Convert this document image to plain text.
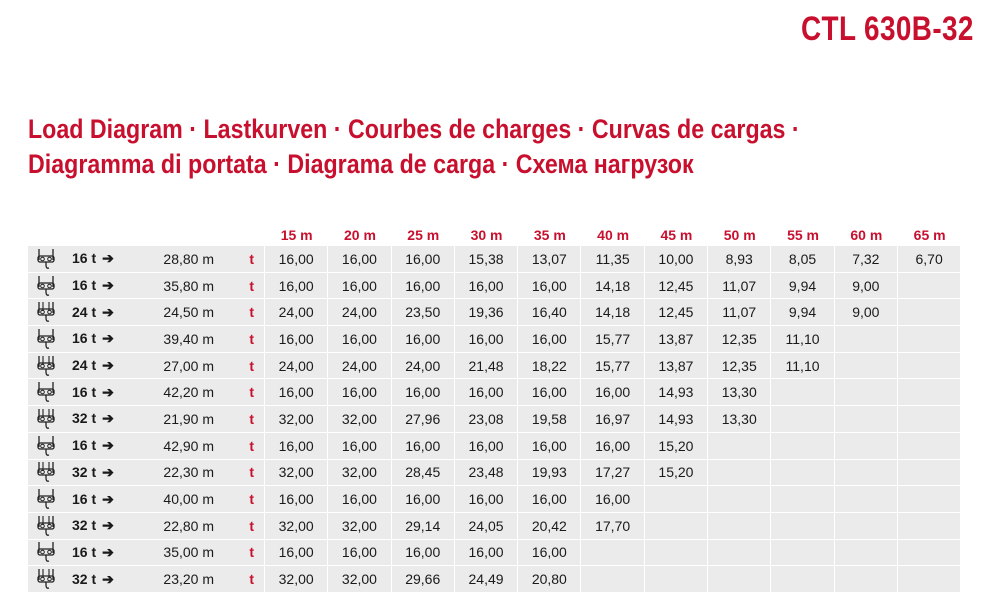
CTL 630B-32
Load Diagram · Lastkurven · Courbes de charges · Curvas de cargas ·
Diagramma di portata · Diagrama de carga · Схема нагрузок
				15 m	20 m	25 m	30 m	35 m	40 m	45 m	50 m	55 m	60 m	65 m
	16 t ➔	28,80 m	t	16,00	16,00	16,00	15,38	13,07	11,35	10,00	8,93	8,05	7,32	6,70
	16 t ➔	35,80 m	t	16,00	16,00	16,00	16,00	16,00	14,18	12,45	11,07	9,94	9,00	
	24 t ➔	24,50 m	t	24,00	24,00	23,50	19,36	16,40	14,18	12,45	11,07	9,94	9,00	
	16 t ➔	39,40 m	t	16,00	16,00	16,00	16,00	16,00	15,77	13,87	12,35	11,10		
	24 t ➔	27,00 m	t	24,00	24,00	24,00	21,48	18,22	15,77	13,87	12,35	11,10		
	16 t ➔	42,20 m	t	16,00	16,00	16,00	16,00	16,00	16,00	14,93	13,30			
	32 t ➔	21,90 m	t	32,00	32,00	27,96	23,08	19,58	16,97	14,93	13,30			
	16 t ➔	42,90 m	t	16,00	16,00	16,00	16,00	16,00	16,00	15,20				
	32 t ➔	22,30 m	t	32,00	32,00	28,45	23,48	19,93	17,27	15,20				
	16 t ➔	40,00 m	t	16,00	16,00	16,00	16,00	16,00	16,00					
	32 t ➔	22,80 m	t	32,00	32,00	29,14	24,05	20,42	17,70					
	16 t ➔	35,00 m	t	16,00	16,00	16,00	16,00	16,00						
	32 t ➔	23,20 m	t	32,00	32,00	29,66	24,49	20,80						
